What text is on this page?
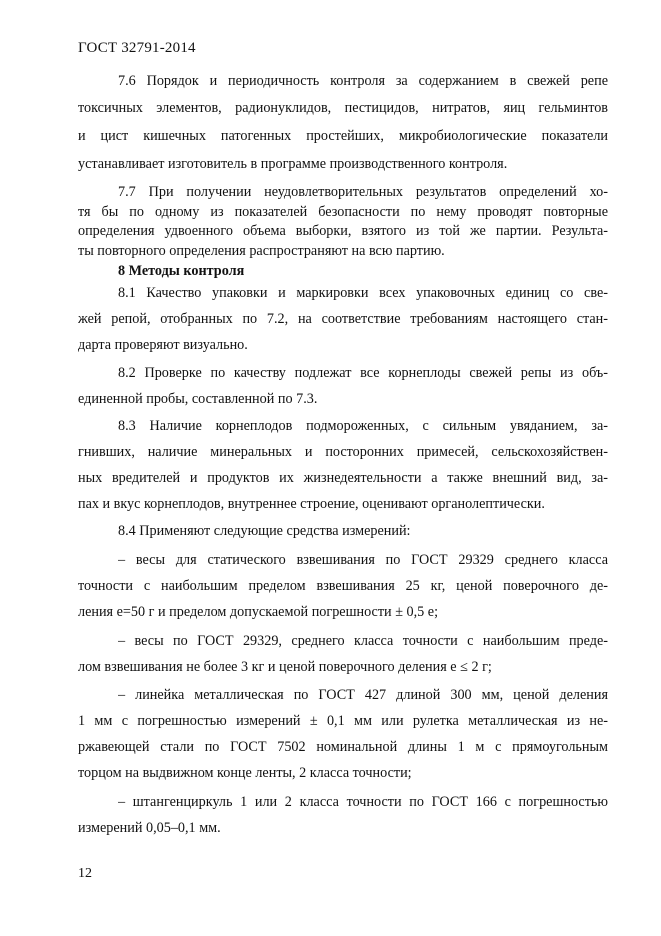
ГОСТ 32791-2014
7.6 Порядок и периодичность контроля за содержанием в свежей репе
токсичных элементов, радионуклидов, пестицидов, нитратов, яиц гельминтов
и цист кишечных патогенных простейших, микробиологические показатели
устанавливает изготовитель в программе производственного контроля.
7.7 При получении неудовлетворительных результатов определений хо-
тя бы по одному из показателей безопасности по нему проводят повторные
определения удвоенного объема выборки, взятого из той же партии. Результа-
ты повторного определения распространяют на всю партию.
8 Методы контроля
8.1 Качество упаковки и маркировки всех упаковочных единиц со све-
жей репой, отобранных по 7.2, на соответствие требованиям настоящего стан-
дарта проверяют визуально.
8.2 Проверке по качеству подлежат все корнеплоды свежей репы из объ-
единенной пробы, составленной по 7.3.
8.3 Наличие корнеплодов подмороженных, с сильным увяданием, за-
гнивших, наличие минеральных и посторонних примесей, сельскохозяйствен-
ных вредителей и продуктов их жизнедеятельности а также внешний вид, за-
пах и вкус корнеплодов, внутреннее строение, оценивают органолептически.
8.4 Применяют следующие средства измерений:
– весы для статического взвешивания по ГОСТ 29329 среднего класса
точности с наибольшим пределом взвешивания 25 кг, ценой поверочного де-
ления е=50 г и пределом допускаемой погрешности ± 0,5 е;
– весы по ГОСТ 29329, среднего класса точности с наибольшим преде-
лом взвешивания не более 3 кг и ценой поверочного деления е ≤ 2 г;
– линейка металлическая по ГОСТ 427 длиной 300 мм, ценой деления
1 мм с погрешностью измерений ± 0,1 мм или рулетка металлическая из не-
ржавеющей стали по ГОСТ 7502 номинальной длины 1 м с прямоугольным
торцом на выдвижном конце ленты, 2 класса точности;
– штангенциркуль 1 или 2 класса точности по ГОСТ 166 с погрешностью
измерений 0,05–0,1 мм.
12
